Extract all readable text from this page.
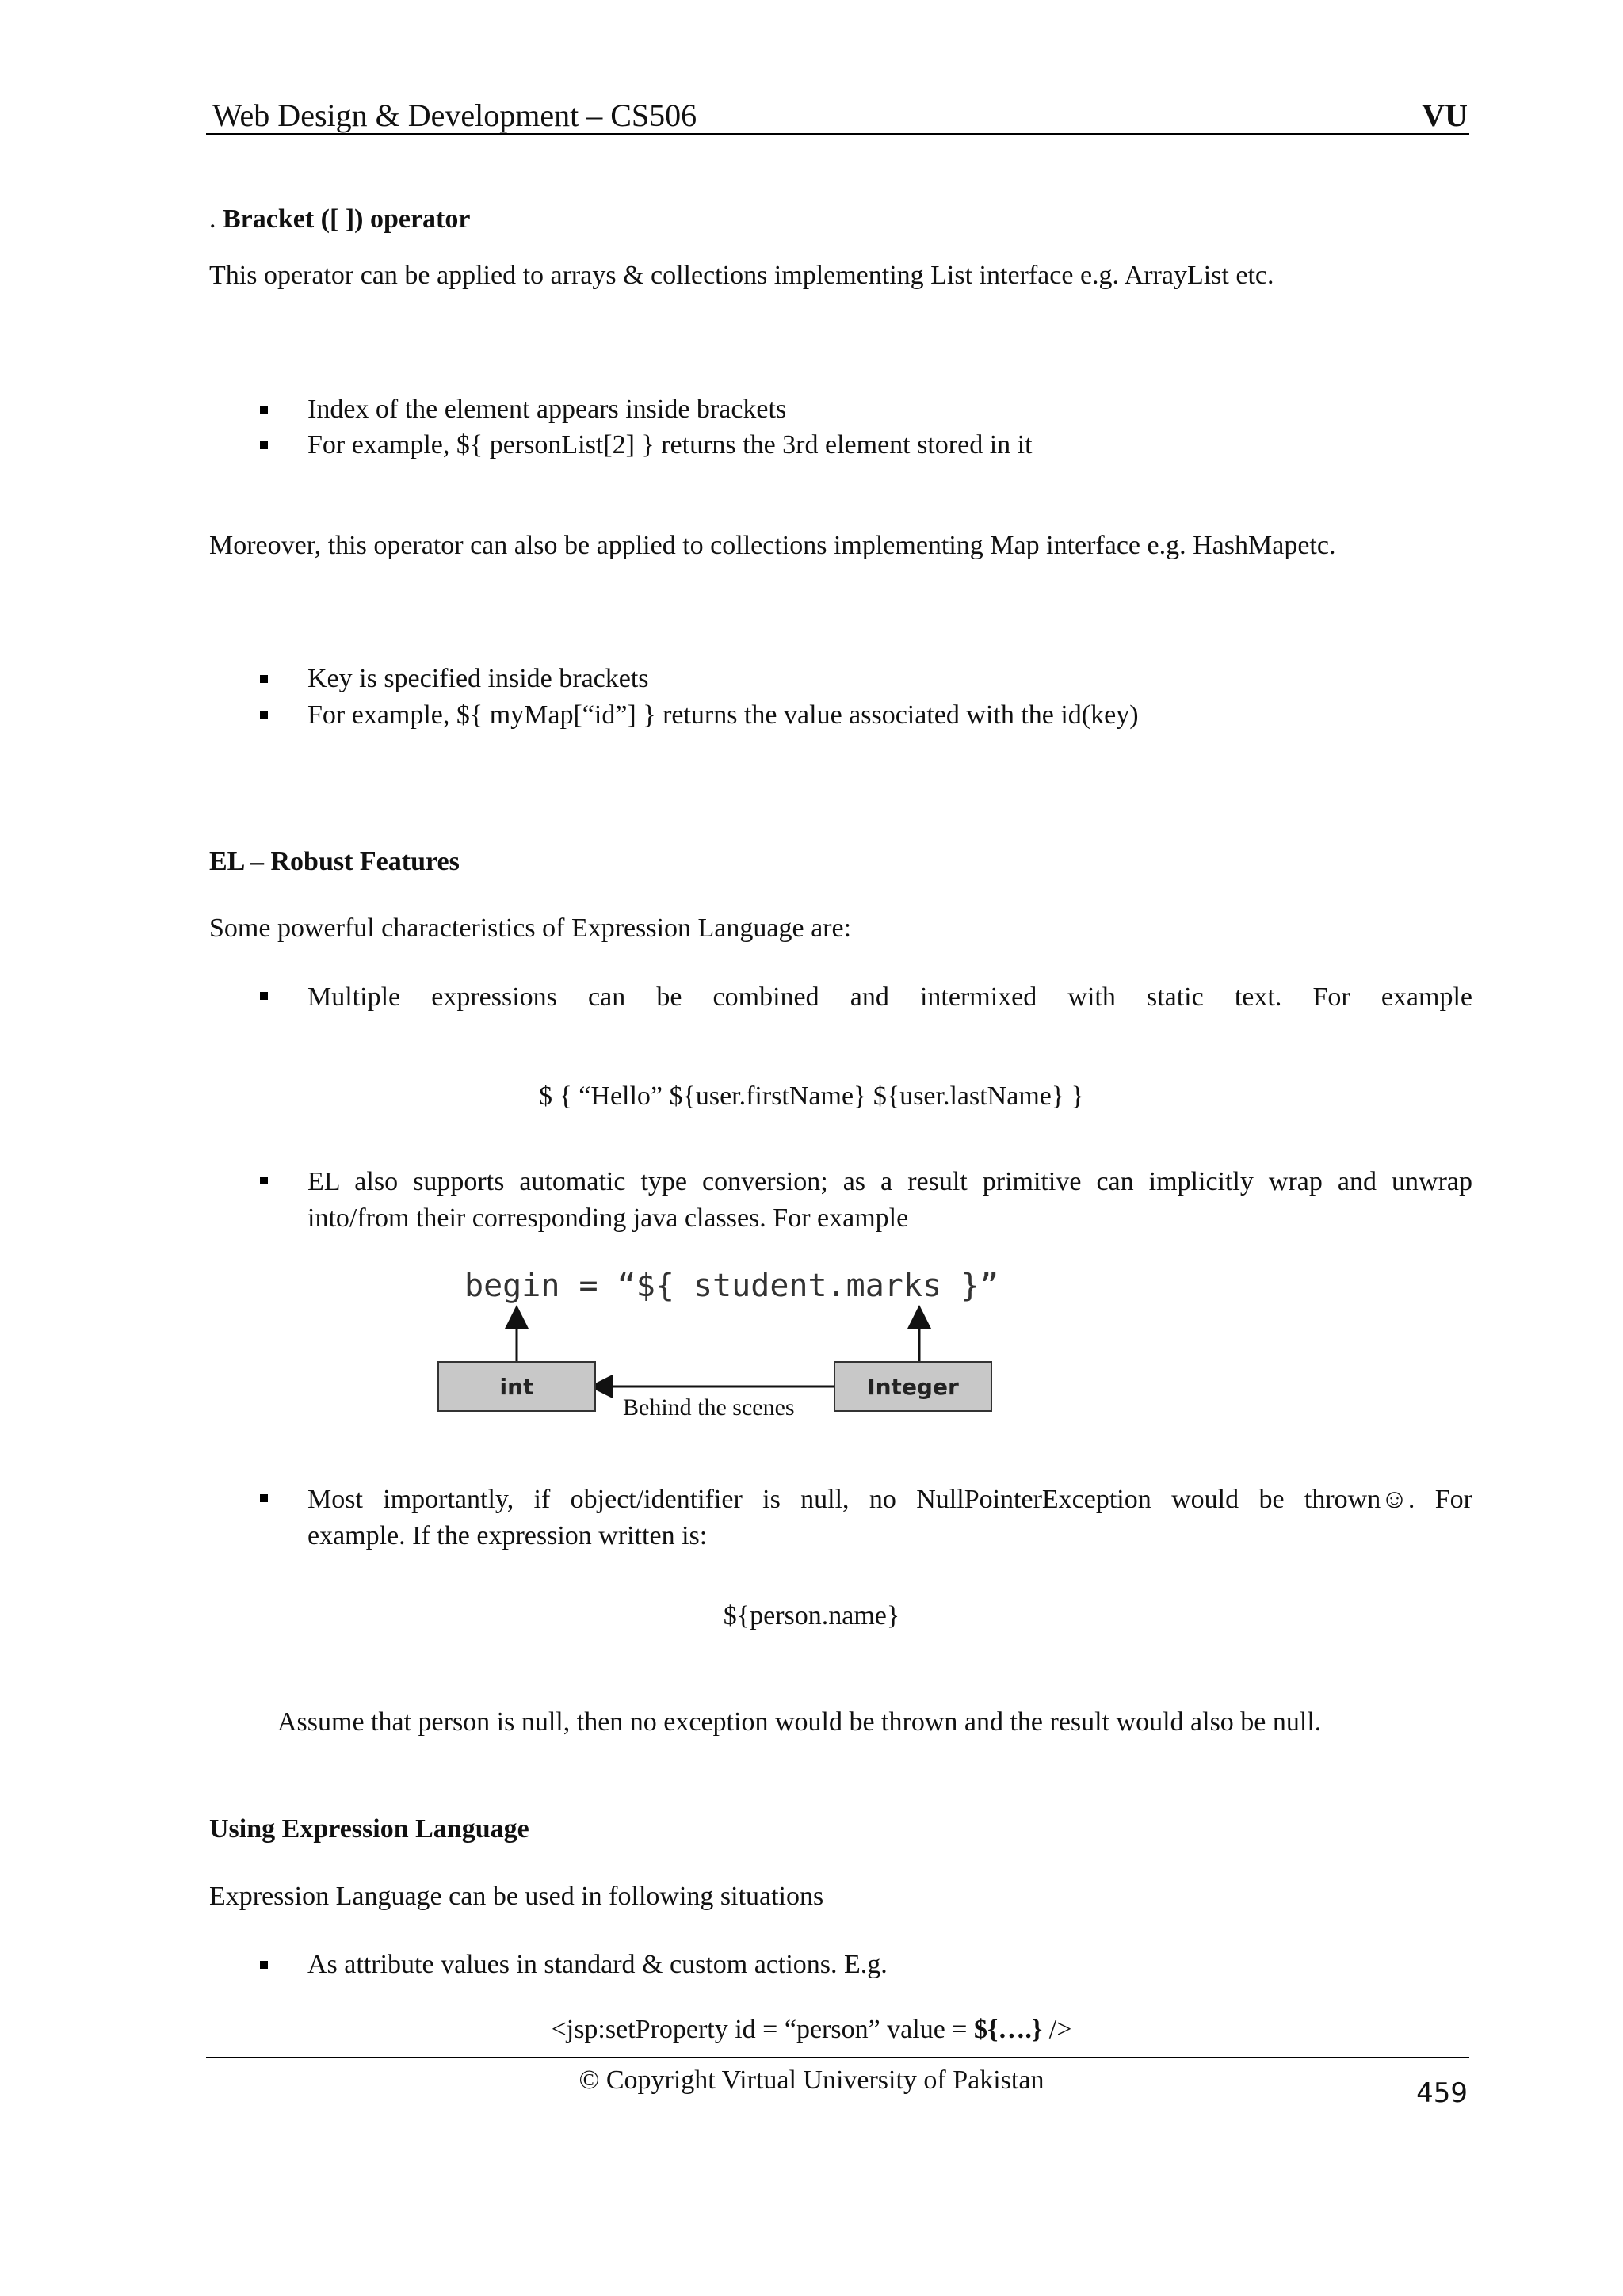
Web Design & Development – CS506	VU
. Bracket ([ ]) operator
This operator can be applied to arrays & collections implementing List interface e.g. ArrayList etc.
Index of the element appears inside brackets
For example, ${ personList[2] } returns the 3rd element stored in it
Moreover, this operator can also be applied to collections implementing Map interface e.g. HashMapetc.
Key is specified inside brackets
For example, ${ myMap[“id”] } returns the value associated with the id(key)
EL – Robust Features
Some powerful characteristics of Expression Language are:
Multiple expressions can be combined and intermixed with static text. For example
$ { “Hello” ${user.firstName} ${user.lastName} }
EL also supports automatic type conversion; as a result primitive can implicitly wrap and unwrap
into/from their corresponding java classes. For example
begin = “${ student.marks }”
int	Integer
Behind the scenes
Most importantly, if object/identifier is null, no NullPointerException would be thrown☺. For
example. If the expression written is:
${person.name}
Assume that person is null, then no exception would be thrown and the result would also be null.
Using Expression Language
Expression Language can be used in following situations
As attribute values in standard & custom actions. E.g.
<jsp:setProperty id = “person” value = ${….} />
© Copyright Virtual University of Pakistan	459
